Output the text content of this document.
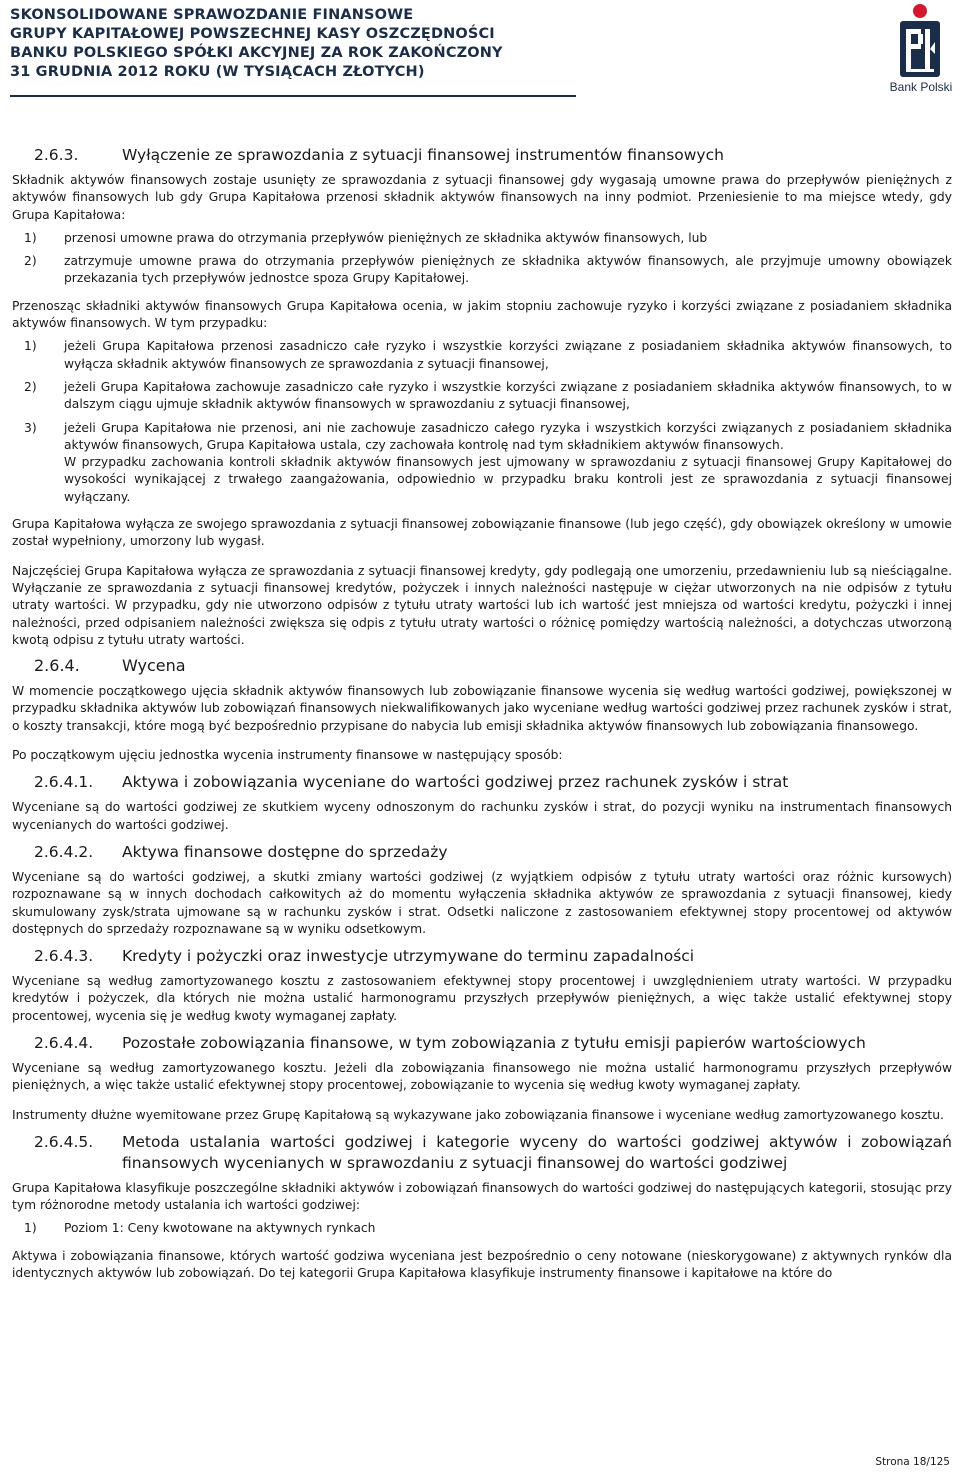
SKONSOLIDOWANE SPRAWOZDANIE FINANSOWE
GRUPY KAPITAŁOWEJ POWSZECHNEJ KASY OSZCZĘDNOŚCI
BANKU POLSKIEGO SPÓŁKI AKCYJNEJ ZA ROK ZAKOŃCZONY
31 GRUDNIA 2012 ROKU (W TYSIĄCACH ZŁOTYCH)
Bank Polski
2.6.3.	Wyłączenie ze sprawozdania z sytuacji finansowej instrumentów finansowych

Składnik aktywów finansowych zostaje usunięty ze sprawozdania z sytuacji finansowej gdy wygasają umowne prawa do przepływów pieniężnych z aktywów finansowych lub gdy Grupa Kapitałowa przenosi składnik aktywów finansowych na inny podmiot. Przeniesienie to ma miejsce wtedy, gdy Grupa Kapitałowa:

1)	przenosi umowne prawa do otrzymania przepływów pieniężnych ze składnika aktywów finansowych, lub
2)	zatrzymuje umowne prawa do otrzymania przepływów pieniężnych ze składnika aktywów finansowych, ale przyjmuje umowny obowiązek przekazania tych przepływów jednostce spoza Grupy Kapitałowej.

Przenosząc składniki aktywów finansowych Grupa Kapitałowa ocenia, w jakim stopniu zachowuje ryzyko i korzyści związane z posiadaniem składnika aktywów finansowych. W tym przypadku:

1)	jeżeli Grupa Kapitałowa przenosi zasadniczo całe ryzyko i wszystkie korzyści związane z posiadaniem składnika aktywów finansowych, to wyłącza składnik aktywów finansowych ze sprawozdania z sytuacji finansowej,
2)	jeżeli Grupa Kapitałowa zachowuje zasadniczo całe ryzyko i wszystkie korzyści związane z posiadaniem składnika aktywów finansowych, to w dalszym ciągu ujmuje składnik aktywów finansowych w sprawozdaniu z sytuacji finansowej,
3)	jeżeli Grupa Kapitałowa nie przenosi, ani nie zachowuje zasadniczo całego ryzyka i wszystkich korzyści związanych z posiadaniem składnika aktywów finansowych, Grupa Kapitałowa ustala, czy zachowała kontrolę nad tym składnikiem aktywów finansowych.
W przypadku zachowania kontroli składnik aktywów finansowych jest ujmowany w sprawozdaniu z sytuacji finansowej Grupy Kapitałowej do wysokości wynikającej z trwałego zaangażowania, odpowiednio w przypadku braku kontroli jest ze sprawozdania z sytuacji finansowej wyłączany.

Grupa Kapitałowa wyłącza ze swojego sprawozdania z sytuacji finansowej zobowiązanie finansowe (lub jego część), gdy obowiązek określony w umowie został wypełniony, umorzony lub wygasł.

Najczęściej Grupa Kapitałowa wyłącza ze sprawozdania z sytuacji finansowej kredyty, gdy podlegają one umorzeniu, przedawnieniu lub są nieściągalne. Wyłączanie ze sprawozdania z sytuacji finansowej kredytów, pożyczek i innych należności następuje w ciężar utworzonych na nie odpisów z tytułu utraty wartości. W przypadku, gdy nie utworzono odpisów z tytułu utraty wartości lub ich wartość jest mniejsza od wartości kredytu, pożyczki i innej należności, przed odpisaniem należności zwiększa się odpis z tytułu utraty wartości o różnicę pomiędzy wartością należności, a dotychczas utworzoną kwotą odpisu z tytułu utraty wartości.

2.6.4.	Wycena

W momencie początkowego ujęcia składnik aktywów finansowych lub zobowiązanie finansowe wycenia się według wartości godziwej, powiększonej w przypadku składnika aktywów lub zobowiązań finansowych niekwalifikowanych jako wyceniane według wartości godziwej przez rachunek zysków i strat, o koszty transakcji, które mogą być bezpośrednio przypisane do nabycia lub emisji składnika aktywów finansowych lub zobowiązania finansowego.

Po początkowym ujęciu jednostka wycenia instrumenty finansowe w następujący sposób:

2.6.4.1.	Aktywa i zobowiązania wyceniane do wartości godziwej przez rachunek zysków i strat

Wyceniane są do wartości godziwej ze skutkiem wyceny odnoszonym do rachunku zysków i strat, do pozycji wyniku na instrumentach finansowych wycenianych do wartości godziwej.

2.6.4.2.	Aktywa finansowe dostępne do sprzedaży

Wyceniane są do wartości godziwej, a skutki zmiany wartości godziwej (z wyjątkiem odpisów z tytułu utraty wartości oraz różnic kursowych) rozpoznawane są w innych dochodach całkowitych aż do momentu wyłączenia składnika aktywów ze sprawozdania z sytuacji finansowej, kiedy skumulowany zysk/strata ujmowane są w rachunku zysków i strat. Odsetki naliczone z zastosowaniem efektywnej stopy procentowej od aktywów dostępnych do sprzedaży rozpoznawane są w wyniku odsetkowym.

2.6.4.3.	Kredyty i pożyczki oraz inwestycje utrzymywane do terminu zapadalności

Wyceniane są według zamortyzowanego kosztu z zastosowaniem efektywnej stopy procentowej i uwzględnieniem utraty wartości. W przypadku kredytów i pożyczek, dla których nie można ustalić harmonogramu przyszłych przepływów pieniężnych, a więc także ustalić efektywnej stopy procentowej, wycenia się je według kwoty wymaganej zapłaty.

2.6.4.4.	Pozostałe zobowiązania finansowe, w tym zobowiązania z tytułu emisji papierów wartościowych

Wyceniane są według zamortyzowanego kosztu. Jeżeli dla zobowiązania finansowego nie można ustalić harmonogramu przyszłych przepływów pieniężnych, a więc także ustalić efektywnej stopy procentowej, zobowiązanie to wycenia się według kwoty wymaganej zapłaty.

Instrumenty dłużne wyemitowane przez Grupę Kapitałową są wykazywane jako zobowiązania finansowe i wyceniane według zamortyzowanego kosztu.

2.6.4.5.	Metoda ustalania wartości godziwej i kategorie wyceny do wartości godziwej aktywów i zobowiązań finansowych wycenianych w sprawozdaniu z sytuacji finansowej do wartości godziwej

Grupa Kapitałowa klasyfikuje poszczególne składniki aktywów i zobowiązań finansowych do wartości godziwej do następujących kategorii, stosując przy tym różnorodne metody ustalania ich wartości godziwej:

1)	Poziom 1: Ceny kwotowane na aktywnych rynkach

Aktywa i zobowiązania finansowe, których wartość godziwa wyceniana jest bezpośrednio o ceny notowane (nieskorygowane) z aktywnych rynków dla identycznych aktywów lub zobowiązań. Do tej kategorii Grupa Kapitałowa klasyfikuje instrumenty finansowe i kapitałowe na które do

Strona 18/125
